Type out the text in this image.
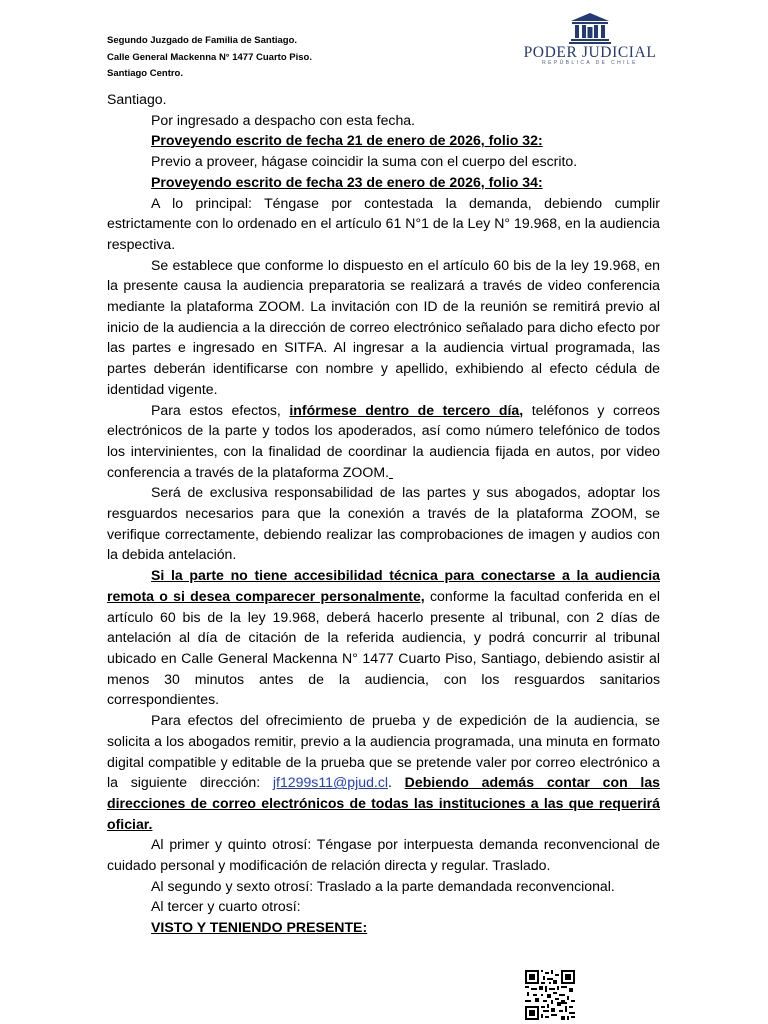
Segundo Juzgado de Familia de Santiago.
Calle General Mackenna N° 1477 Cuarto Piso.
Santiago Centro.
PODER JUDICIAL
REPÚBLICA DE CHILE

Santiago.

Por ingresado a despacho con esta fecha.

Proveyendo escrito de fecha 21 de enero de 2026, folio 32:

Previo a proveer, hágase coincidir la suma con el cuerpo del escrito.

Proveyendo escrito de fecha 23 de enero de 2026, folio 34:

A lo principal: Téngase por contestada la demanda, debiendo cumplir estrictamente con lo ordenado en el artículo 61 N°1 de la Ley N° 19.968, en la audiencia respectiva.

Se establece que conforme lo dispuesto en el artículo 60 bis de la ley 19.968, en la presente causa la audiencia preparatoria se realizará a través de video conferencia mediante la plataforma ZOOM. La invitación con ID de la reunión se remitirá previo al inicio de la audiencia a la dirección de correo electrónico señalado para dicho efecto por las partes e ingresado en SITFA. Al ingresar a la audiencia virtual programada, las partes deberán identificarse con nombre y apellido, exhibiendo al efecto cédula de identidad vigente.

Para estos efectos, infórmese dentro de tercero día, teléfonos y correos electrónicos de la parte y todos los apoderados, así como número telefónico de todos los intervinientes, con la finalidad de coordinar la audiencia fijada en autos, por video conferencia a través de la plataforma ZOOM.

Será de exclusiva responsabilidad de las partes y sus abogados, adoptar los resguardos necesarios para que la conexión a través de la plataforma ZOOM, se verifique correctamente, debiendo realizar las comprobaciones de imagen y audios con la debida antelación.

Si la parte no tiene accesibilidad técnica para conectarse a la audiencia remota o si desea comparecer personalmente, conforme la facultad conferida en el artículo 60 bis de la ley 19.968, deberá hacerlo presente al tribunal, con 2 días de antelación al día de citación de la referida audiencia, y podrá concurrir al tribunal ubicado en Calle General Mackenna N° 1477 Cuarto Piso, Santiago, debiendo asistir al menos 30 minutos antes de la audiencia, con los resguardos sanitarios correspondientes.

Para efectos del ofrecimiento de prueba y de expedición de la audiencia, se solicita a los abogados remitir, previo a la audiencia programada, una minuta en formato digital compatible y editable de la prueba que se pretende valer por correo electrónico a la siguiente dirección: jf1299s11@pjud.cl. Debiendo además contar con las direcciones de correo electrónicos de todas las instituciones a las que requerirá oficiar.

Al primer y quinto otrosí: Téngase por interpuesta demanda reconvencional de cuidado personal y modificación de relación directa y regular. Traslado.

Al segundo y sexto otrosí: Traslado a la parte demandada reconvencional.

Al tercer y cuarto otrosí:

VISTO Y TENIENDO PRESENTE:
